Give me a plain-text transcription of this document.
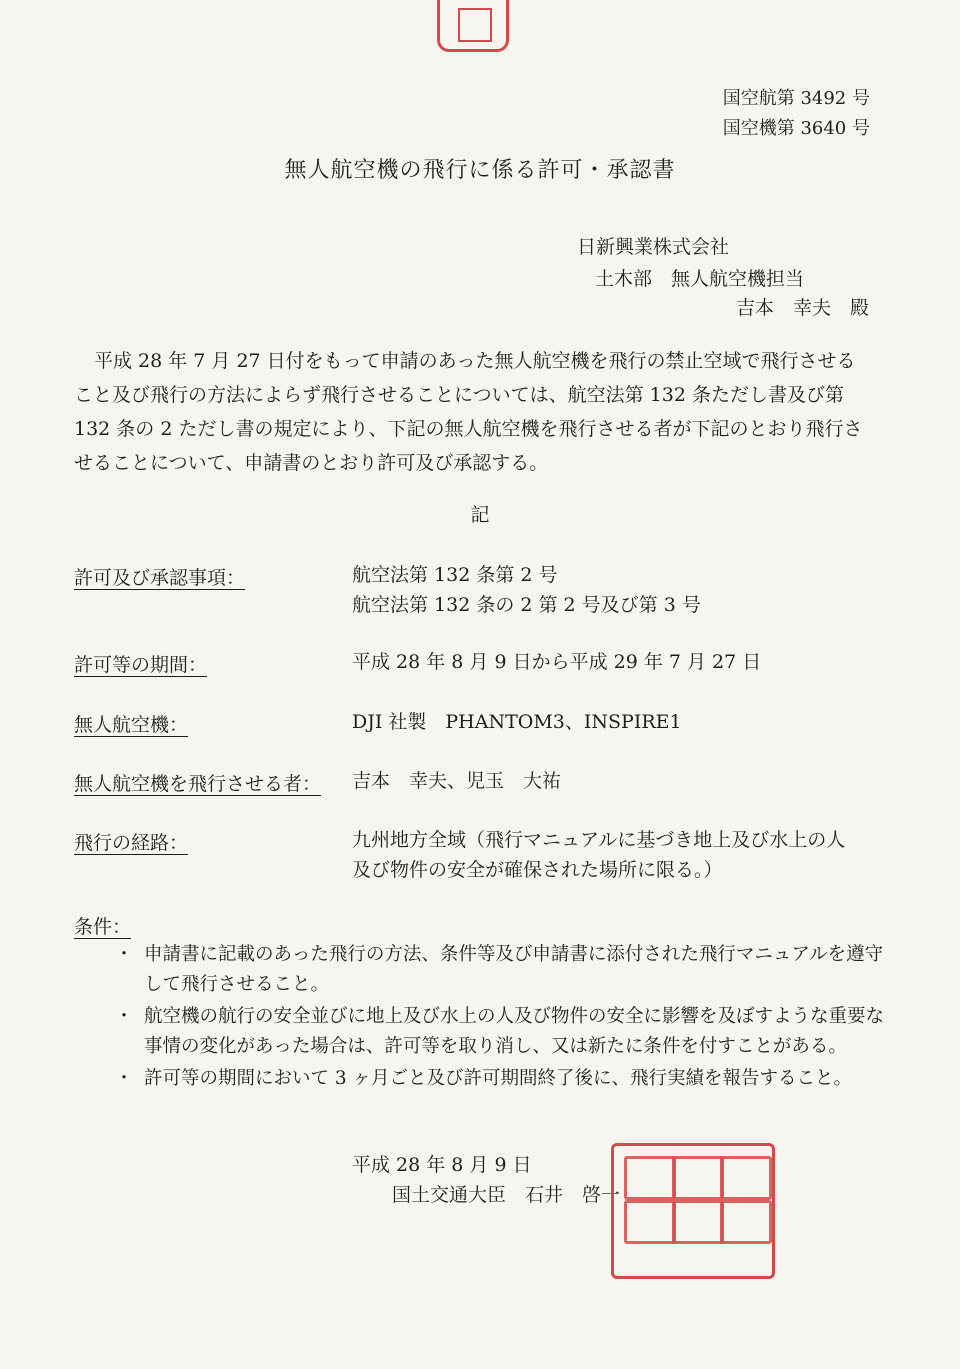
国空航第 3492 号
国空機第 3640 号
無人航空機の飛行に係る許可・承認書
日新興業株式会社
土木部　無人航空機担当
吉本　幸夫　殿
平成 28 年 7 月 27 日付をもって申請のあった無人航空機を飛行の禁止空域で飛行させること及び飛行の方法によらず飛行させることについては、航空法第 132 条ただし書及び第 132 条の 2 ただし書の規定により、下記の無人航空機を飛行させる者が下記のとおり飛行させることについて、申請書のとおり許可及び承認する。
記
許可及び承認事項：	航空法第 132 条第 2 号
航空法第 132 条の 2 第 2 号及び第 3 号
許可等の期間：	平成 28 年 8 月 9 日から平成 29 年 7 月 27 日
無人航空機：	DJI 社製　PHANTOM3、INSPIRE1
無人航空機を飛行させる者： 吉本　幸夫、児玉　大祐
飛行の経路：	九州地方全域（飛行マニュアルに基づき地上及び水上の人
及び物件の安全が確保された場所に限る。）
条件：
・ 申請書に記載のあった飛行の方法、条件等及び申請書に添付された飛行マニュアルを遵守して飛行させること。
・ 航空機の航行の安全並びに地上及び水上の人及び物件の安全に影響を及ぼすような重要な事情の変化があった場合は、許可等を取り消し、又は新たに条件を付すことがある。
・ 許可等の期間において 3 ヶ月ごと及び許可期間終了後に、飛行実績を報告すること。
平成 28 年 8 月 9 日
国土交通大臣　石井　啓一
